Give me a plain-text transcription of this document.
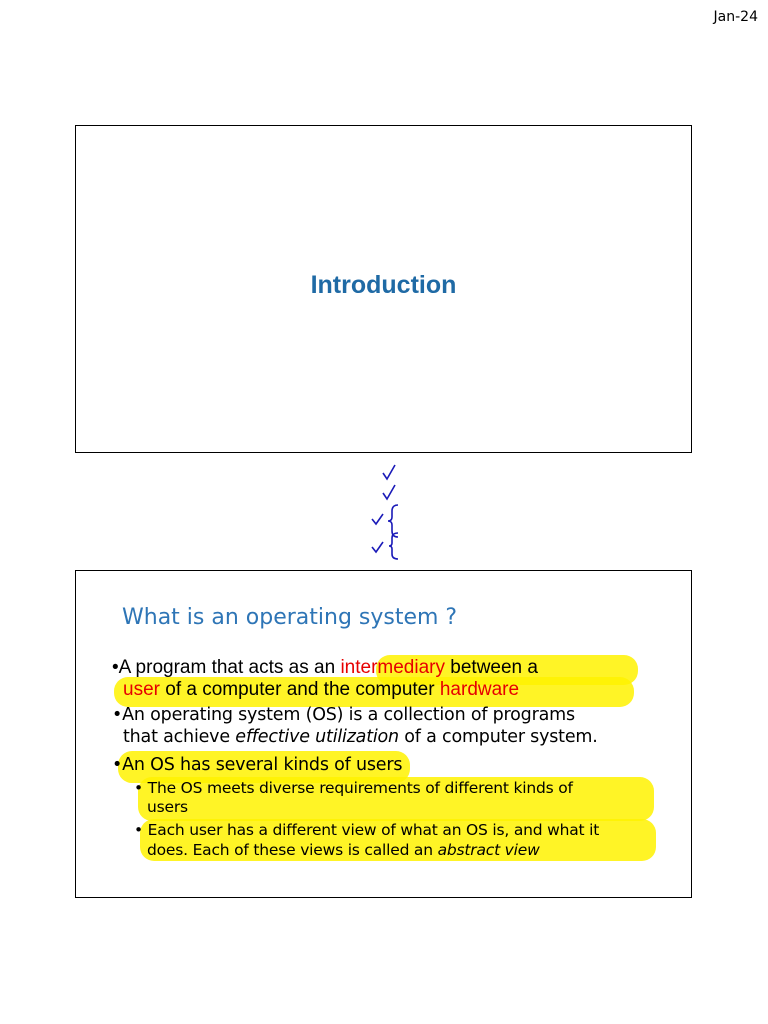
Jan-24
Introduction
What is OS
What is Abstract View of OS
OS is a program
It is intermediary between user & hardware
OS has different types of users. It satisfies
different requirements of diverse users
So each user has different view of what an OS is
This is called Abstract View of OS
What is an operating system ?
•A program that acts as an intermediary between a
user of a computer and the computer hardware
•An operating system (OS) is a collection of programs
that achieve effective utilization of a computer system.
•An OS has several kinds of users
• The OS meets diverse requirements of different kinds of
users
• Each user has a different view of what an OS is, and what it
does. Each of these views is called an abstract view
